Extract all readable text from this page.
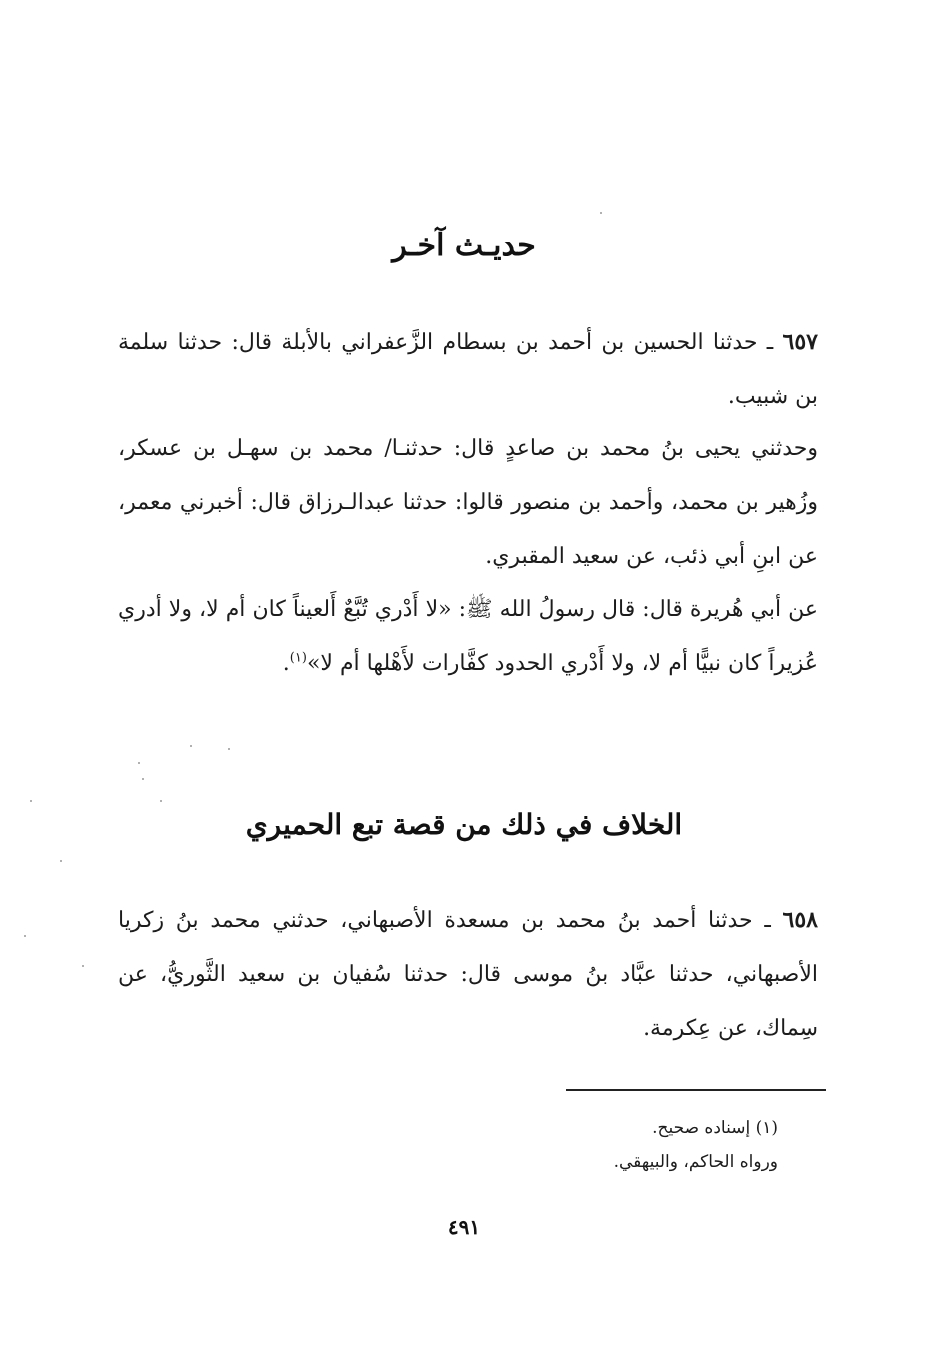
حديـث آخـر
٦٥٧ ـ حدثنا الحسين بن أحمد بن بسطام الزَّعفراني بالأبلة قال: حدثنا سلمة بن شبيب.
وحدثني يحيى بنُ محمد بن صاعدٍ قال: حدثنـا/ محمد بن سهـل بن عسكر، وزُهير بن محمد، وأحمد بن منصور قالوا: حدثنا عبدالـرزاق قال: أخبرني معمر، عن ابنِ أبي ذئب، عن سعيد المقبري.
عن أبي هُريرة قال: قال رسولُ الله ﷺ: «لا أَدْري تُبَّعٌ أَلعيناً كان أم لا، ولا أدري عُزيراً كان نبيًّا أم لا، ولا أَدْري الحدود كفَّارات لأَهْلها أم لا»$^{(١)}$.
الخلاف في ذلك من قصة تبع الحميري
٦٥٨ ـ حدثنا أحمد بنُ محمد بن مسعدة الأصبهاني، حدثني محمد بنُ زكريا الأصبهاني، حدثنا عبَّاد بنُ موسى قال: حدثنا سُفيان بن سعيد الثَّوريُّ، عن سِماك، عن عِكرمة.
(١) إسناده صحيح.
ورواه الحاكم، والبيهقي.
٤٩١
